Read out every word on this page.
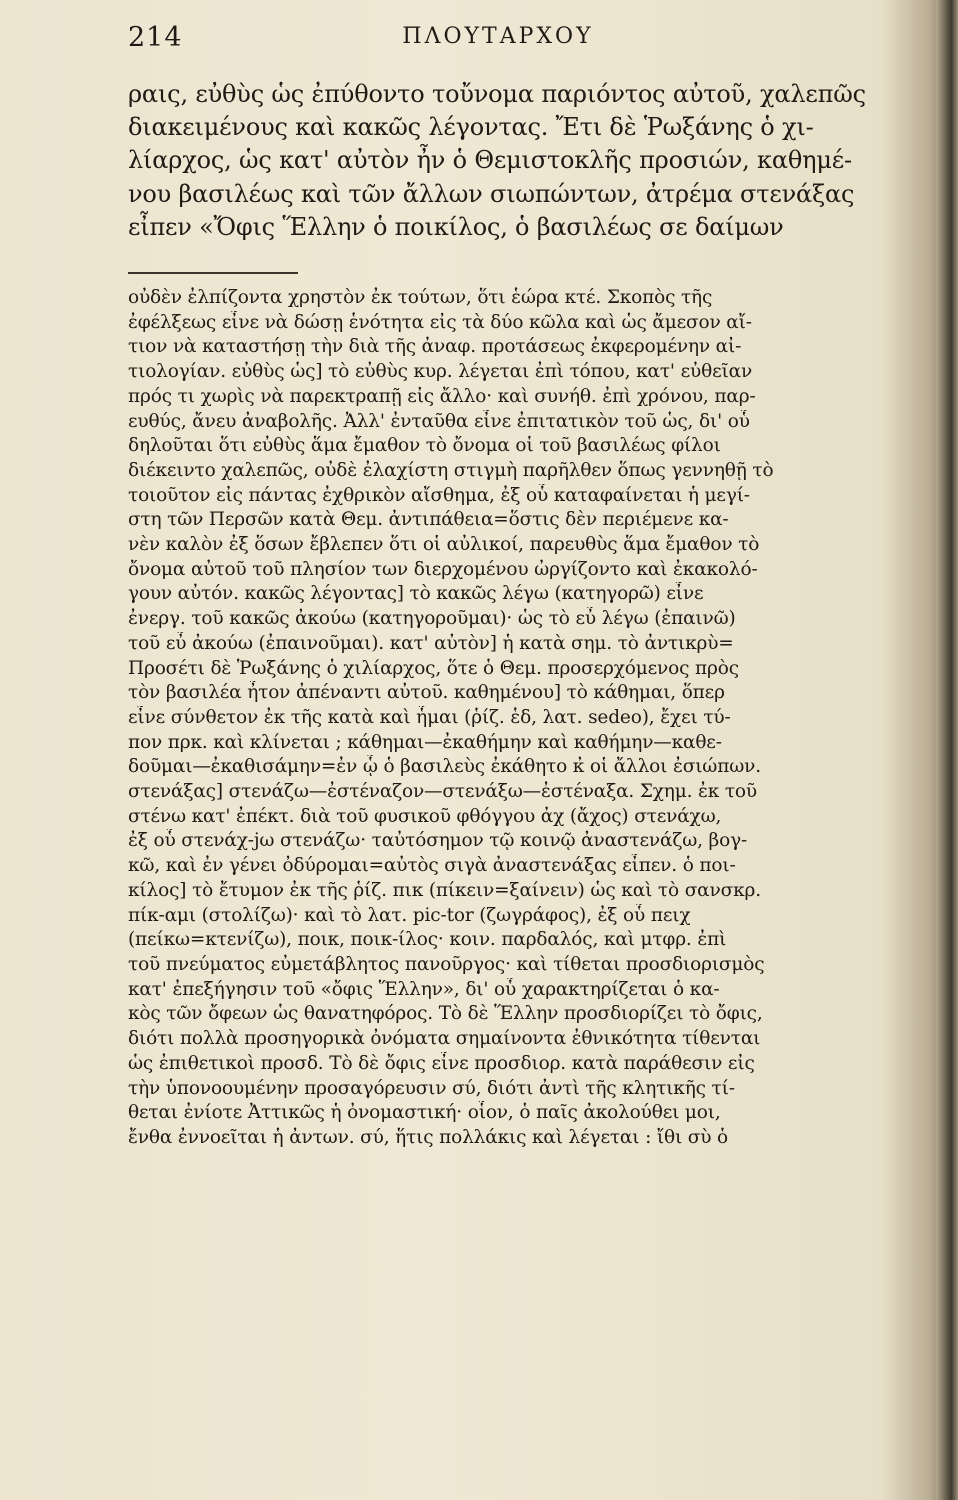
214	ΠΛΟΥΤΑΡΧΟΥ
ραις, εὐθὺς ὡς ἐπύθοντο τοὔνομα παριόντος αὐτοῦ, χαλεπῶς
διακειμένους καὶ κακῶς λέγοντας. Ἔτι δὲ Ῥωξάνης ὁ χι-
λίαρχος, ὡς κατ' αὐτὸν ἦν ὁ Θεμιστοκλῆς προσιών, καθημέ-
νου βασιλέως καὶ τῶν ἄλλων σιωπώντων, ἀτρέμα στενάξας
εἶπεν «Ὄφις Ἕλλην ὁ ποικίλος, ὁ βασιλέως σε δαίμων
οὐδὲν ἐλπίζοντα χρηστὸν ἐκ τούτων, ὅτι ἑώρα κτέ. Σκοπὸς τῆς
ἐφέλξεως εἶνε νὰ δώσῃ ἑνότητα εἰς τὰ δύο κῶλα καὶ ὡς ἄμεσον αἴ-
τιον νὰ καταστήσῃ τὴν διὰ τῆς ἀναφ. προτάσεως ἐκφερομένην αἰ-
τιολογίαν. εὐθὺς ὡς] τὸ εὐθὺς κυρ. λέγεται ἐπὶ τόπου, κατ' εὐθεῖαν
πρός τι χωρὶς νὰ παρεκτραπῇ εἰς ἄλλο· καὶ συνήθ. ἐπὶ χρόνου, παρ-
ευθύς, ἄνευ ἀναβολῆς. Ἀλλ' ἐνταῦθα εἶνε ἐπιτατικὸν τοῦ ὡς, δι' οὗ
δηλοῦται ὅτι εὐθὺς ἅμα ἔμαθον τὸ ὄνομα οἱ τοῦ βασιλέως φίλοι
διέκειντο χαλεπῶς, οὐδὲ ἐλαχίστη στιγμὴ παρῆλθεν ὅπως γεννηθῇ τὸ
τοιοῦτον εἰς πάντας ἐχθρικὸν αἴσθημα, ἐξ οὗ καταφαίνεται ἡ μεγί-
στη τῶν Περσῶν κατὰ Θεμ. ἀντιπάθεια=ὅστις δὲν περιέμενε κα-
νὲν καλὸν ἐξ ὅσων ἔβλεπεν ὅτι οἱ αὐλικοί, παρευθὺς ἅμα ἔμαθον τὸ
ὄνομα αὐτοῦ τοῦ πλησίον των διερχομένου ὠργίζοντο καὶ ἐκακολό-
γουν αὐτόν. κακῶς λέγοντας] τὸ κακῶς λέγω (κατηγορῶ) εἶνε
ἐνεργ. τοῦ κακῶς ἀκούω (κατηγοροῦμαι)· ὡς τὸ εὖ λέγω (ἐπαινῶ)
τοῦ εὖ ἀκούω (ἐπαινοῦμαι). κατ' αὐτὸν] ἡ κατὰ σημ. τὸ ἀντικρὺ=
Προσέτι δὲ Ῥωξάνης ὁ χιλίαρχος, ὅτε ὁ Θεμ. προσερχόμενος πρὸς
τὸν βασιλέα ἦτον ἀπέναντι αὐτοῦ. καθημένου] τὸ κάθημαι, ὅπερ
εἶνε σύνθετον ἐκ τῆς κατὰ καὶ ἧμαι (ῥίζ. ἑδ, λατ. sedeo), ἔχει τύ-
πον πρκ. καὶ κλίνεται ; κάθημαι—ἐκαθήμην καὶ καθήμην—καθε-
δοῦμαι—ἐκαθισάμην=ἐν ᾧ ὁ βασιλεὺς ἐκάθητο κ̓ οἱ ἄλλοι ἐσιώπων.
στενάξας] στενάζω—ἐστέναζον—στενάξω—ἐστέναξα. Σχημ. ἐκ τοῦ
στένω κατ' ἐπέκτ. διὰ τοῦ φυσικοῦ φθόγγου ἀχ (ἄχος) στενάχω,
ἐξ οὗ στενάχ-jω στενάζω· ταὐτόσημον τῷ κοινῷ ἀναστενάζω, βογ-
κῶ, καὶ ἐν γένει ὀδύρομαι=αὐτὸς σιγὰ ἀναστενάξας εἶπεν. ὁ ποι-
κίλος] τὸ ἔτυμον ἐκ τῆς ῥίζ. πικ (πίκειν=ξαίνειν) ὡς καὶ τὸ σανσκρ.
πίκ-αμι (στολίζω)· καὶ τὸ λατ. pic-tor (ζωγράφος), ἐξ οὗ πειχ
(πείκω=κτενίζω), ποικ, ποικ-ίλος· κοιν. παρδαλός, καὶ μτφρ. ἐπὶ
τοῦ πνεύματος εὐμετάβλητος πανοῦργος· καὶ τίθεται προσδιορισμὸς
κατ' ἐπεξήγησιν τοῦ «ὄφις Ἕλλην», δι' οὗ χαρακτηρίζεται ὁ κα-
κὸς τῶν ὄφεων ὡς θανατηφόρος. Τὸ δὲ Ἕλλην προσδιορίζει τὸ ὄφις,
διότι πολλὰ προσηγορικὰ ὀνόματα σημαίνοντα ἐθνικότητα τίθενται
ὡς ἐπιθετικοὶ προσδ. Τὸ δὲ ὄφις εἶνε προσδιορ. κατὰ παράθεσιν εἰς
τὴν ὑπονοουμένην προσαγόρευσιν σύ, διότι ἀντὶ τῆς κλητικῆς τί-
θεται ἐνίοτε Ἀττικῶς ἡ ὀνομαστική· οἷον, ὁ παῖς ἀκολούθει μοι,
ἔνθα ἐννοεῖται ἡ ἀντων. σύ, ἥτις πολλάκις καὶ λέγεται : ἴθι σὺ ὁ
